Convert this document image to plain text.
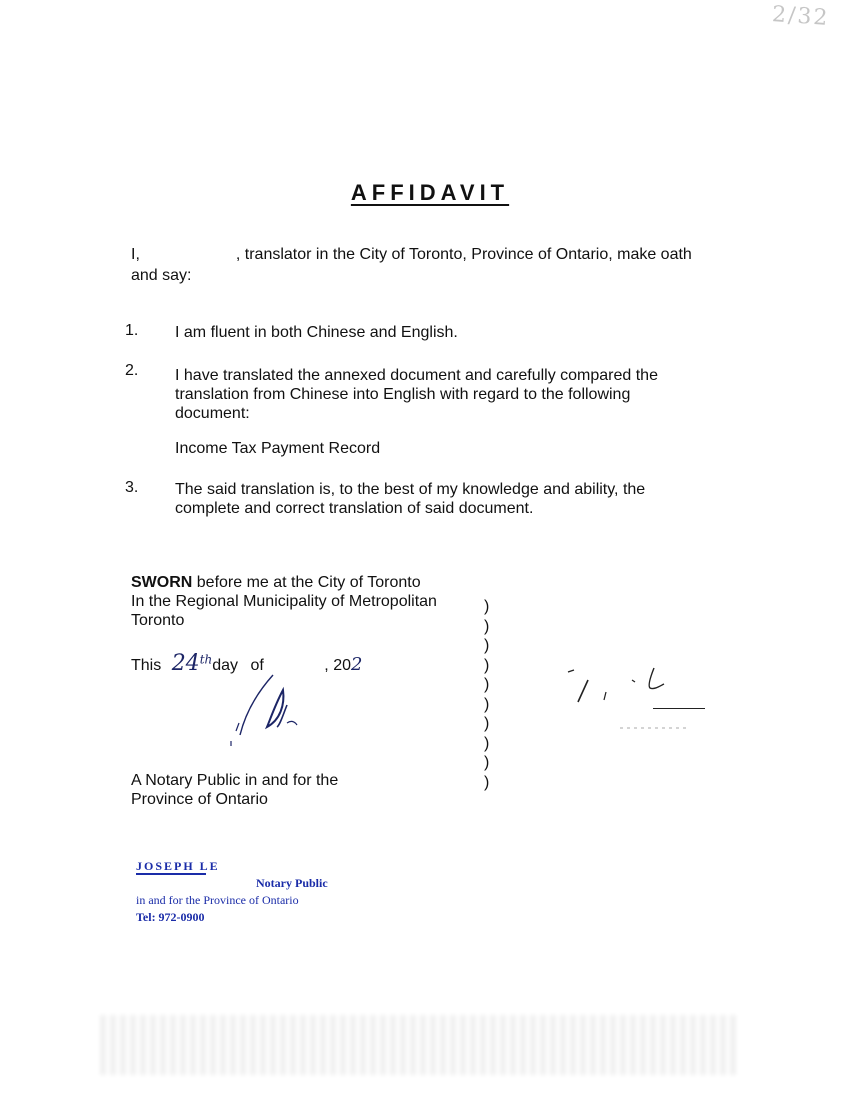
2/32
AFFIDAVIT
I,	, translator in the City of Toronto, Province of Ontario, make oath
and say:
1. I am fluent in both Chinese and English.
2. I have translated the annexed document and carefully compared the translation from Chinese into English with regard to the following document:
Income Tax Payment Record
3. The said translation is, to the best of my knowledge and ability, the complete and correct translation of said document.
SWORN before me at the City of Toronto
In the Regional Municipality of Metropolitan
Toronto
This 24thday of	, 202
)
)
)
)
)
)
)
)
)
)
A Notary Public in and for the
Province of Ontario
JOSEPH LE
Notary Public
in and for the Province of Ontario
Tel: 972-0900
